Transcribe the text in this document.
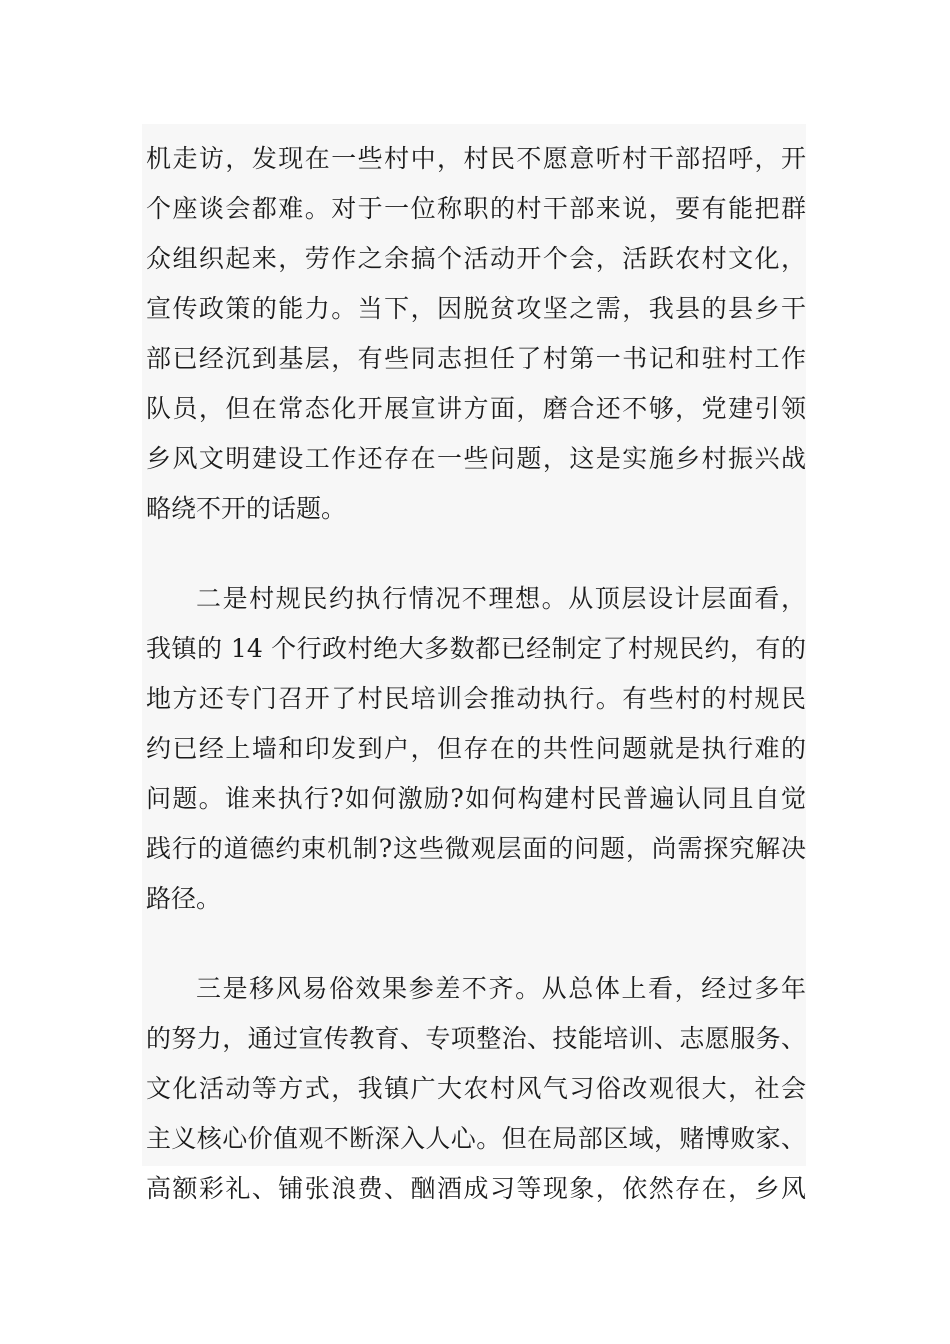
机走访，发现在一些村中，村民不愿意听村干部招呼，开
个座谈会都难。对于一位称职的村干部来说，要有能把群
众组织起来，劳作之余搞个活动开个会，活跃农村文化，
宣传政策的能力。当下，因脱贫攻坚之需，我县的县乡干
部已经沉到基层，有些同志担任了村第一书记和驻村工作
队员，但在常态化开展宣讲方面，磨合还不够，党建引领
乡风文明建设工作还存在一些问题，这是实施乡村振兴战
略绕不开的话题。
二是村规民约执行情况不理想。从顶层设计层面看，
我镇的 14 个行政村绝大多数都已经制定了村规民约，有的
地方还专门召开了村民培训会推动执行。有些村的村规民
约已经上墙和印发到户，但存在的共性问题就是执行难的
问题。谁来执行?如何激励?如何构建村民普遍认同且自觉
践行的道德约束机制?这些微观层面的问题，尚需探究解决
路径。
三是移风易俗效果参差不齐。从总体上看，经过多年
的努力，通过宣传教育、专项整治、技能培训、志愿服务、
文化活动等方式，我镇广大农村风气习俗改观很大，社会
主义核心价值观不断深入人心。但在局部区域，赌博败家、
高额彩礼、铺张浪费、酗酒成习等现象，依然存在，乡风
